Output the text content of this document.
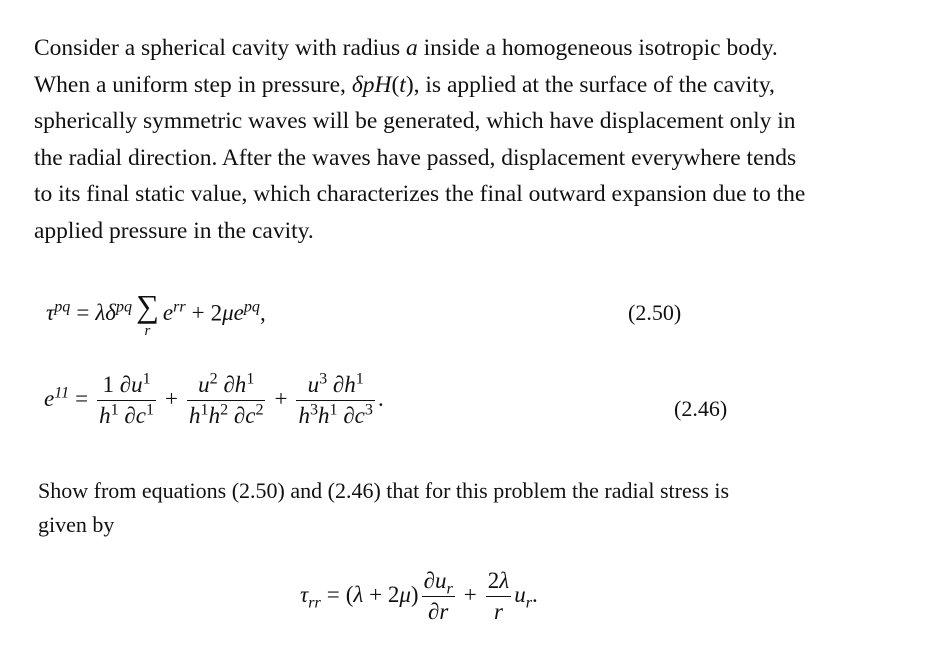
Consider a spherical cavity with radius a inside a homogeneous isotropic body.
When a uniform step in pressure, δpH(t), is applied at the surface of the cavity,
spherically symmetric waves will be generated, which have displacement only in
the radial direction. After the waves have passed, displacement everywhere tends
to its final static value, which characterizes the final outward expansion due to the
applied pressure in the cavity.
$\tau^{pq} = \lambda\delta^{pq}$ ∑
r
$e^{rr} + 2\mu e^{pq}$,	(2.50)
$e^{11} = \frac{1 \partial u^1}{h^1 \partial c^1} + \frac{u^2 \partial h^1}{h^1h^2 \partial c^2} + \frac{u^3 \partial h^1}{h^3h^1 \partial c^3}$ .	(2.46)
Show from equations (2.50) and (2.46) that for this problem the radial stress is
given by
$\tau_{rr} = (\lambda + 2\mu) \frac{\partial u_r}{\partial r} + \frac{2\lambda}{r} u_r$.
